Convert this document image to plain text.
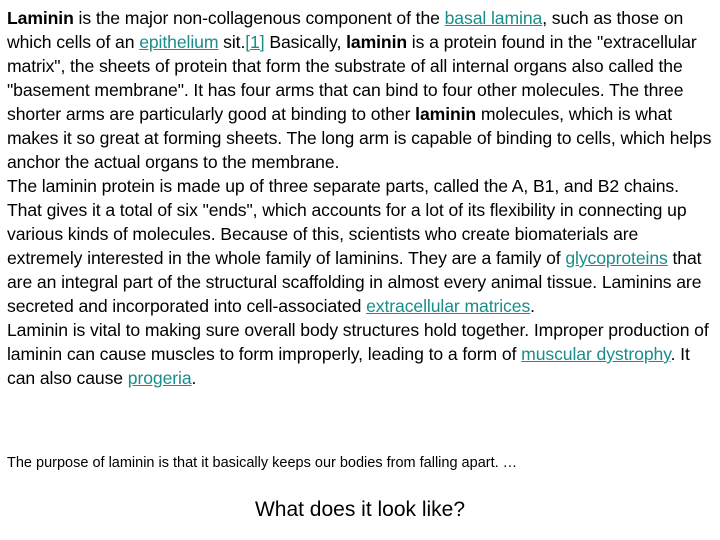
Laminin is the major non-collagenous component of the basal lamina, such as those on which cells of an epithelium sit.[1] Basically, laminin is a protein found in the "extracellular matrix", the sheets of protein that form the substrate of all internal organs also called the "basement membrane". It has four arms that can bind to four other molecules. The three shorter arms are particularly good at binding to other laminin molecules, which is what makes it so great at forming sheets. The long arm is capable of binding to cells, which helps anchor the actual organs to the membrane.

The laminin protein is made up of three separate parts, called the A, B1, and B2 chains. That gives it a total of six "ends", which accounts for a lot of its flexibility in connecting up various kinds of molecules. Because of this, scientists who create biomaterials are extremely interested in the whole family of laminins. They are a family of glycoproteins that are an integral part of the structural scaffolding in almost every animal tissue. Laminins are secreted and incorporated into cell-associated extracellular matrices.

Laminin is vital to making sure overall body structures hold together. Improper production of laminin can cause muscles to form improperly, leading to a form of muscular dystrophy. It can also cause progeria.

The purpose of laminin is that it basically keeps our bodies from falling apart. …

What does it look like?
